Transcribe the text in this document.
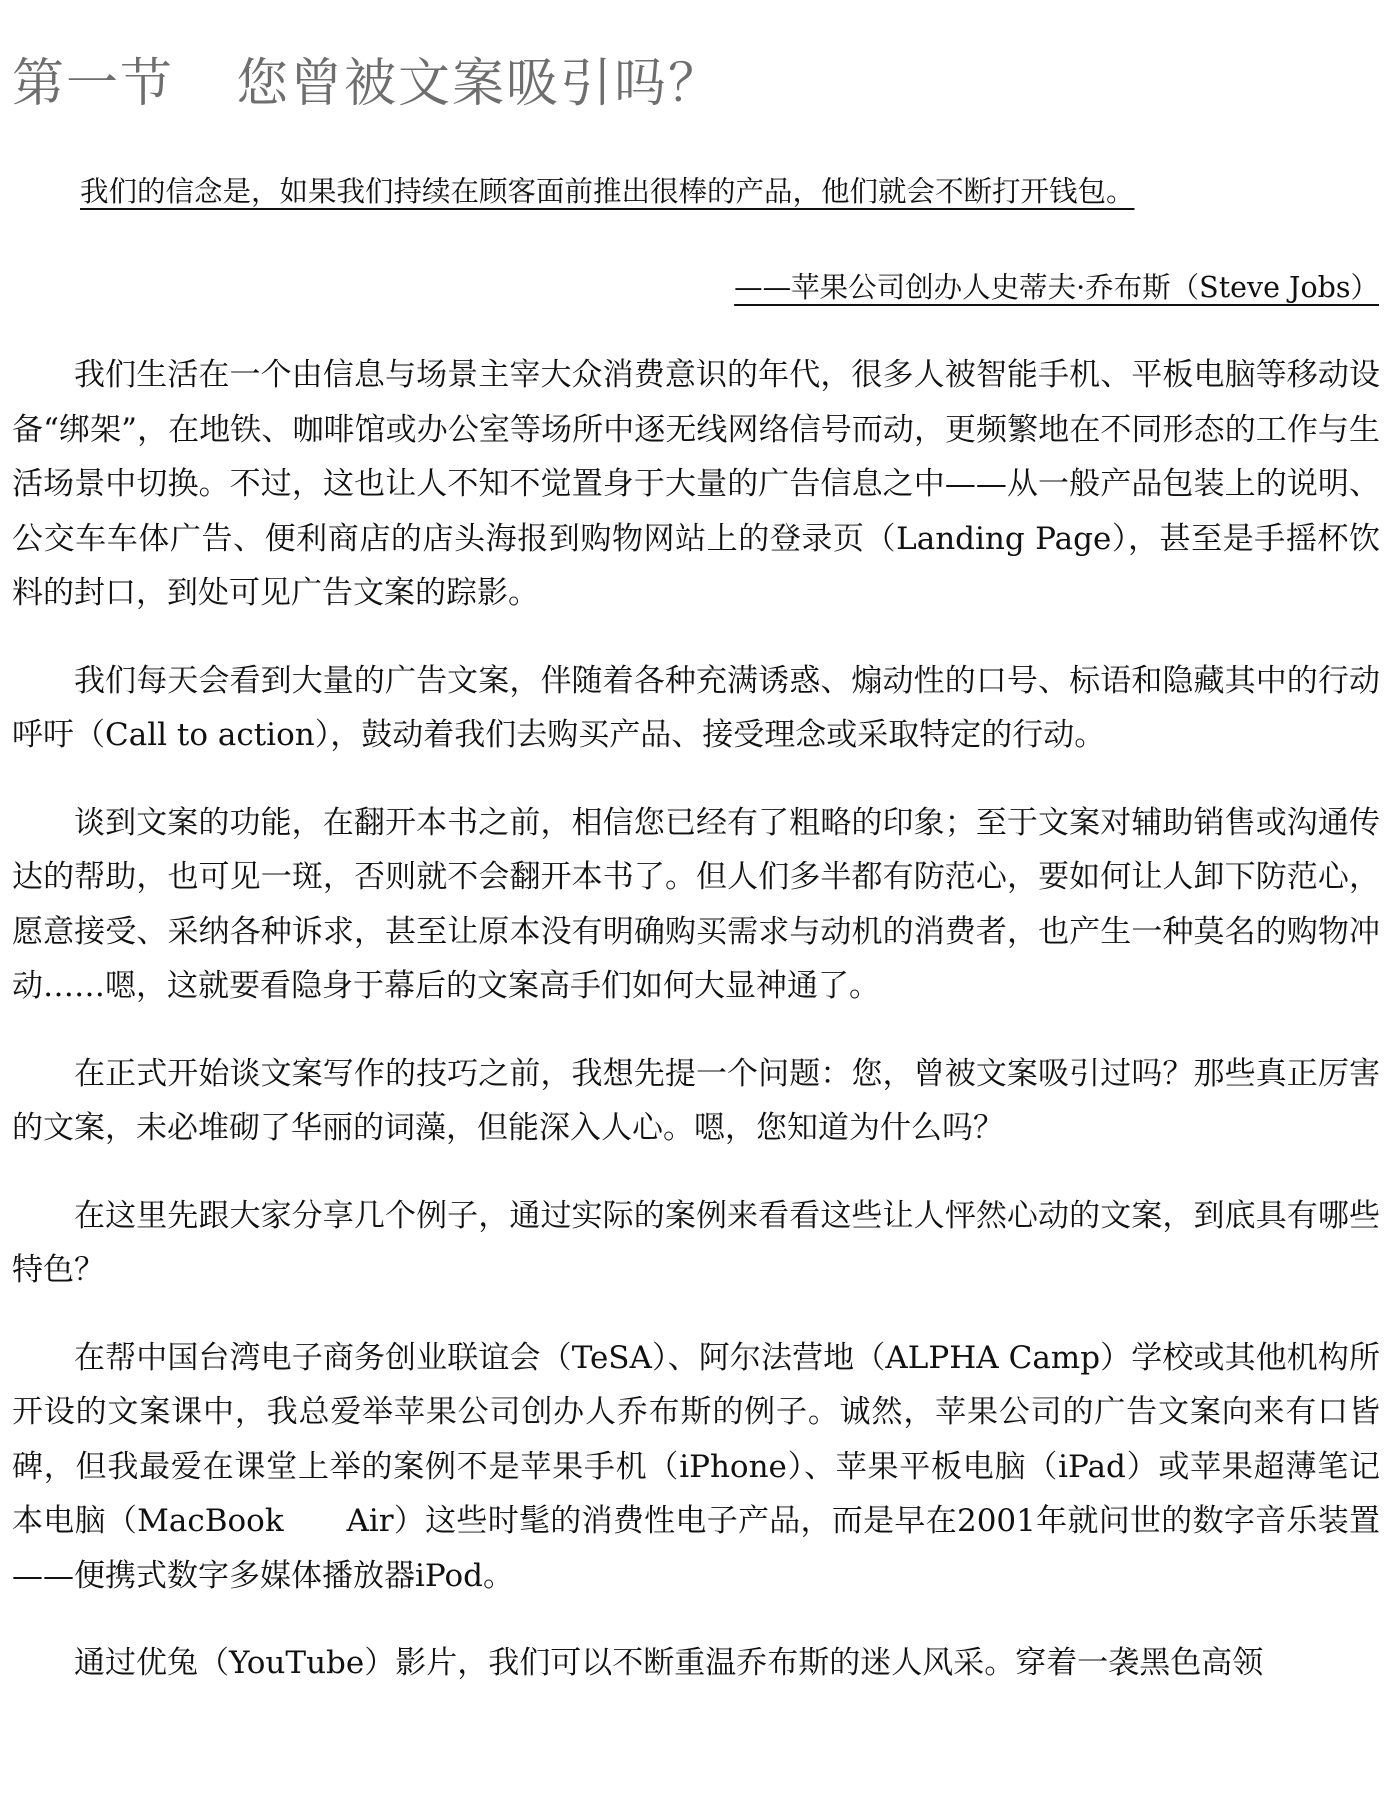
第一节 您曾被文案吸引吗？
我们的信念是，如果我们持续在顾客面前推出很棒的产品，他们就会不断打开钱包。
——苹果公司创办人史蒂夫·乔布斯（Steve Jobs）

我们生活在一个由信息与场景主宰大众消费意识的年代，很多人被智能手机、平板电脑等移动设备“绑架”，在地铁、咖啡馆或办公室等场所中逐无线网络信号而动，更频繁地在不同形态的工作与生活场景中切换。不过，这也让人不知不觉置身于大量的广告信息之中——从一般产品包装上的说明、公交车车体广告、便利商店的店头海报到购物网站上的登录页（Landing Page），甚至是手摇杯饮料的封口，到处可见广告文案的踪影。

我们每天会看到大量的广告文案，伴随着各种充满诱惑、煽动性的口号、标语和隐藏其中的行动呼吁（Call to action），鼓动着我们去购买产品、接受理念或采取特定的行动。

谈到文案的功能，在翻开本书之前，相信您已经有了粗略的印象；至于文案对辅助销售或沟通传达的帮助，也可见一斑，否则就不会翻开本书了。但人们多半都有防范心，要如何让人卸下防范心，愿意接受、采纳各种诉求，甚至让原本没有明确购买需求与动机的消费者，也产生一种莫名的购物冲动……嗯，这就要看隐身于幕后的文案高手们如何大显神通了。

在正式开始谈文案写作的技巧之前，我想先提一个问题：您，曾被文案吸引过吗？那些真正厉害的文案，未必堆砌了华丽的词藻，但能深入人心。嗯，您知道为什么吗？

在这里先跟大家分享几个例子，通过实际的案例来看看这些让人怦然心动的文案，到底具有哪些特色？

在帮中国台湾电子商务创业联谊会（TeSA）、阿尔法营地（ALPHA Camp）学校或其他机构所开设的文案课中，我总爱举苹果公司创办人乔布斯的例子。诚然，苹果公司的广告文案向来有口皆碑，但我最爱在课堂上举的案例不是苹果手机（iPhone）、苹果平板电脑（iPad）或苹果超薄笔记本电脑（MacBook　　Air）这些时髦的消费性电子产品，而是早在2001年就问世的数字音乐装置——便携式数字多媒体播放器iPod。

通过优兔（YouTube）影片，我们可以不断重温乔布斯的迷人风采。穿着一袭黑色高领
